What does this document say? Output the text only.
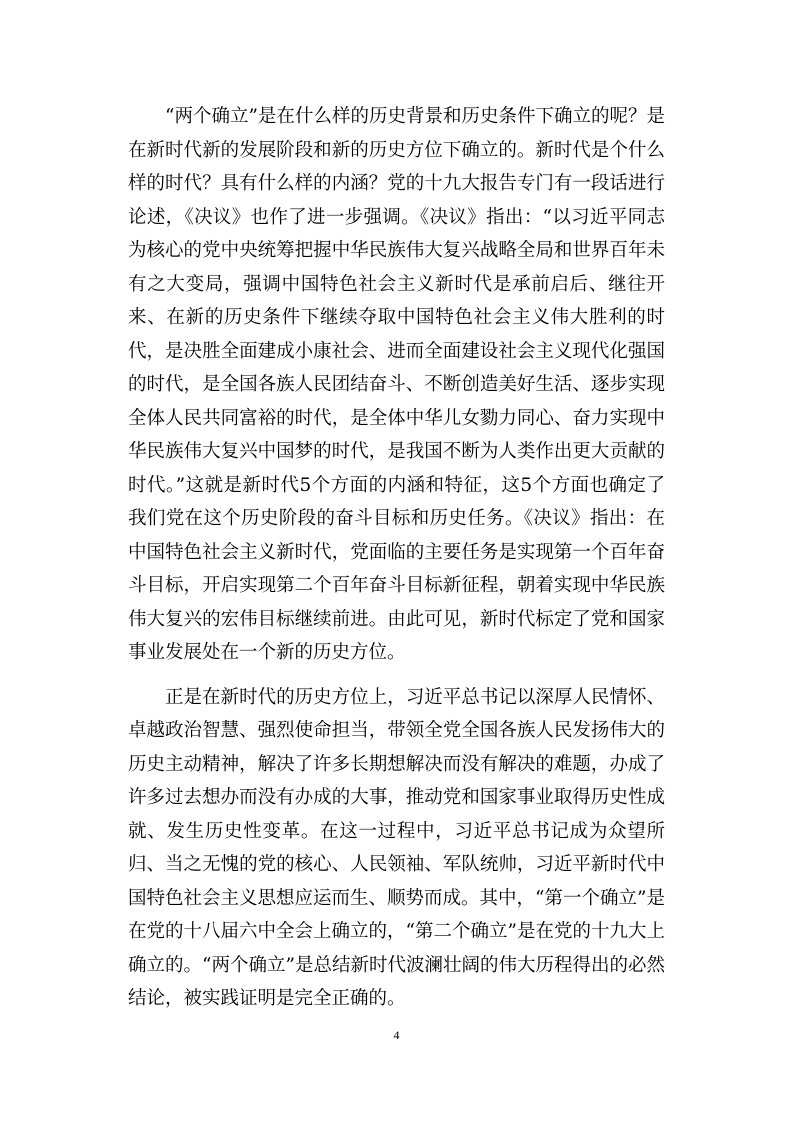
“两个确立”是在什么样的历史背景和历史条件下确立的呢？是在新时代新的发展阶段和新的历史方位下确立的。新时代是个什么样的时代？具有什么样的内涵？党的十九大报告专门有一段话进行论述，《决议》也作了进一步强调。《决议》指出：“以习近平同志为核心的党中央统筹把握中华民族伟大复兴战略全局和世界百年未有之大变局，强调中国特色社会主义新时代是承前启后、继往开来、在新的历史条件下继续夺取中国特色社会主义伟大胜利的时代，是决胜全面建成小康社会、进而全面建设社会主义现代化强国的时代，是全国各族人民团结奋斗、不断创造美好生活、逐步实现全体人民共同富裕的时代，是全体中华儿女勠力同心、奋力实现中华民族伟大复兴中国梦的时代，是我国不断为人类作出更大贡献的时代。”这就是新时代5个方面的内涵和特征，这5个方面也确定了我们党在这个历史阶段的奋斗目标和历史任务。《决议》指出：在中国特色社会主义新时代，党面临的主要任务是实现第一个百年奋斗目标，开启实现第二个百年奋斗目标新征程，朝着实现中华民族伟大复兴的宏伟目标继续前进。由此可见，新时代标定了党和国家事业发展处在一个新的历史方位。

正是在新时代的历史方位上，习近平总书记以深厚人民情怀、卓越政治智慧、强烈使命担当，带领全党全国各族人民发扬伟大的历史主动精神，解决了许多长期想解决而没有解决的难题，办成了许多过去想办而没有办成的大事，推动党和国家事业取得历史性成就、发生历史性变革。在这一过程中，习近平总书记成为众望所归、当之无愧的党的核心、人民领袖、军队统帅，习近平新时代中国特色社会主义思想应运而生、顺势而成。其中，“第一个确立”是在党的十八届六中全会上确立的，“第二个确立”是在党的十九大上确立的。“两个确立”是总结新时代波澜壮阔的伟大历程得出的必然结论，被实践证明是完全正确的。

4
